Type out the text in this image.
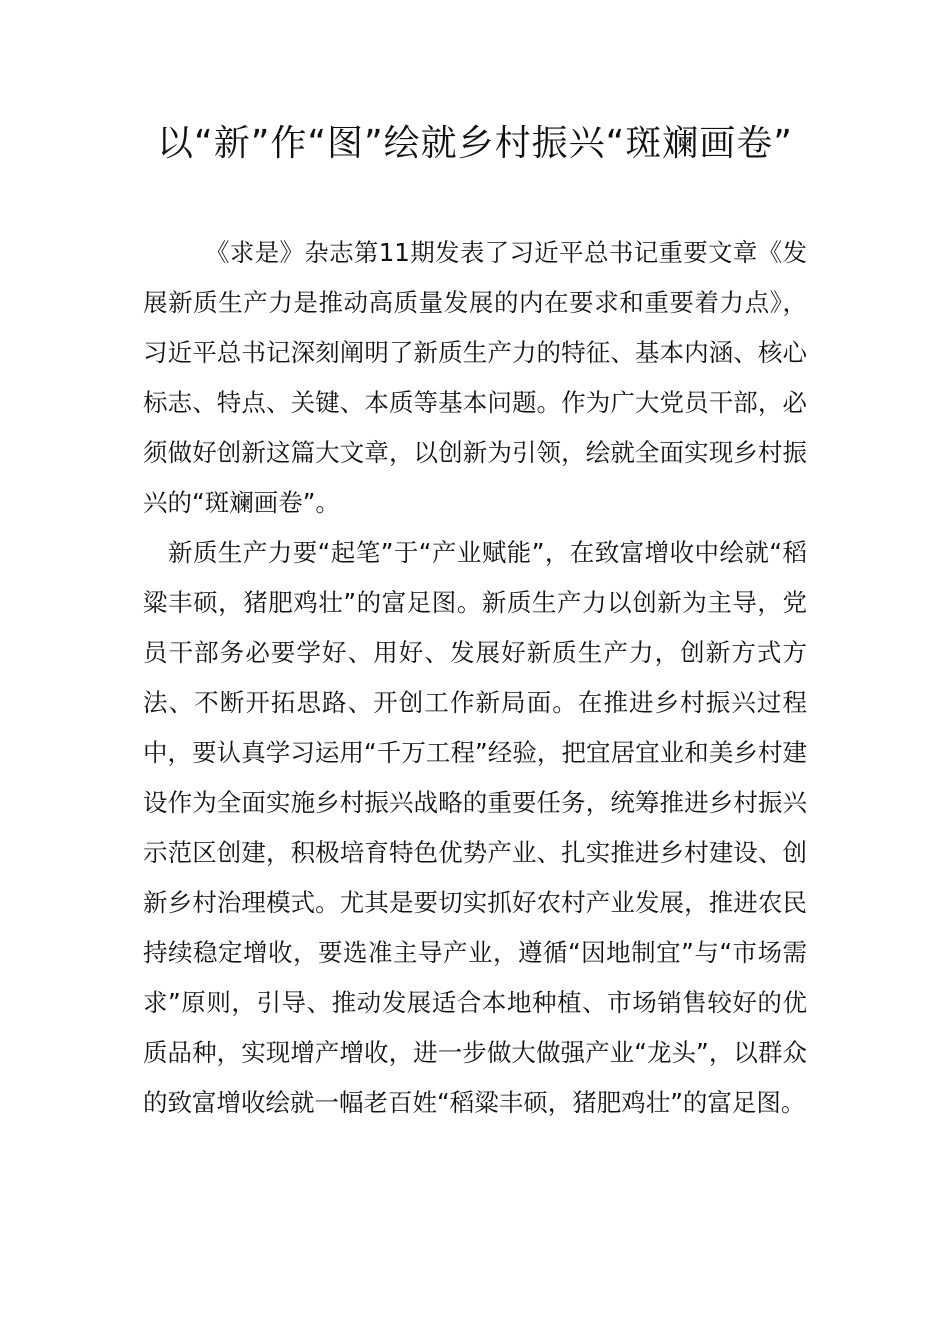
以“新”作“图”绘就乡村振兴“斑斓画卷”

《求是》杂志第11期发表了习近平总书记重要文章《发展新质生产力是推动高质量发展的内在要求和重要着力点》，习近平总书记深刻阐明了新质生产力的特征、基本内涵、核心标志、特点、关键、本质等基本问题。作为广大党员干部，必须做好创新这篇大文章，以创新为引领，绘就全面实现乡村振兴的“斑斓画卷”。

新质生产力要“起笔”于“产业赋能”，在致富增收中绘就“稻粱丰硕，猪肥鸡壮”的富足图。新质生产力以创新为主导，党员干部务必要学好、用好、发展好新质生产力，创新方式方法、不断开拓思路、开创工作新局面。在推进乡村振兴过程中，要认真学习运用“千万工程”经验，把宜居宜业和美乡村建设作为全面实施乡村振兴战略的重要任务，统筹推进乡村振兴示范区创建，积极培育特色优势产业、扎实推进乡村建设、创新乡村治理模式。尤其是要切实抓好农村产业发展，推进农民持续稳定增收，要选准主导产业，遵循“因地制宜”与“市场需求”原则，引导、推动发展适合本地种植、市场销售较好的优质品种，实现增产增收，进一步做大做强产业“龙头”，以群众的致富增收绘就一幅老百姓“稻粱丰硕，猪肥鸡壮”的富足图。
